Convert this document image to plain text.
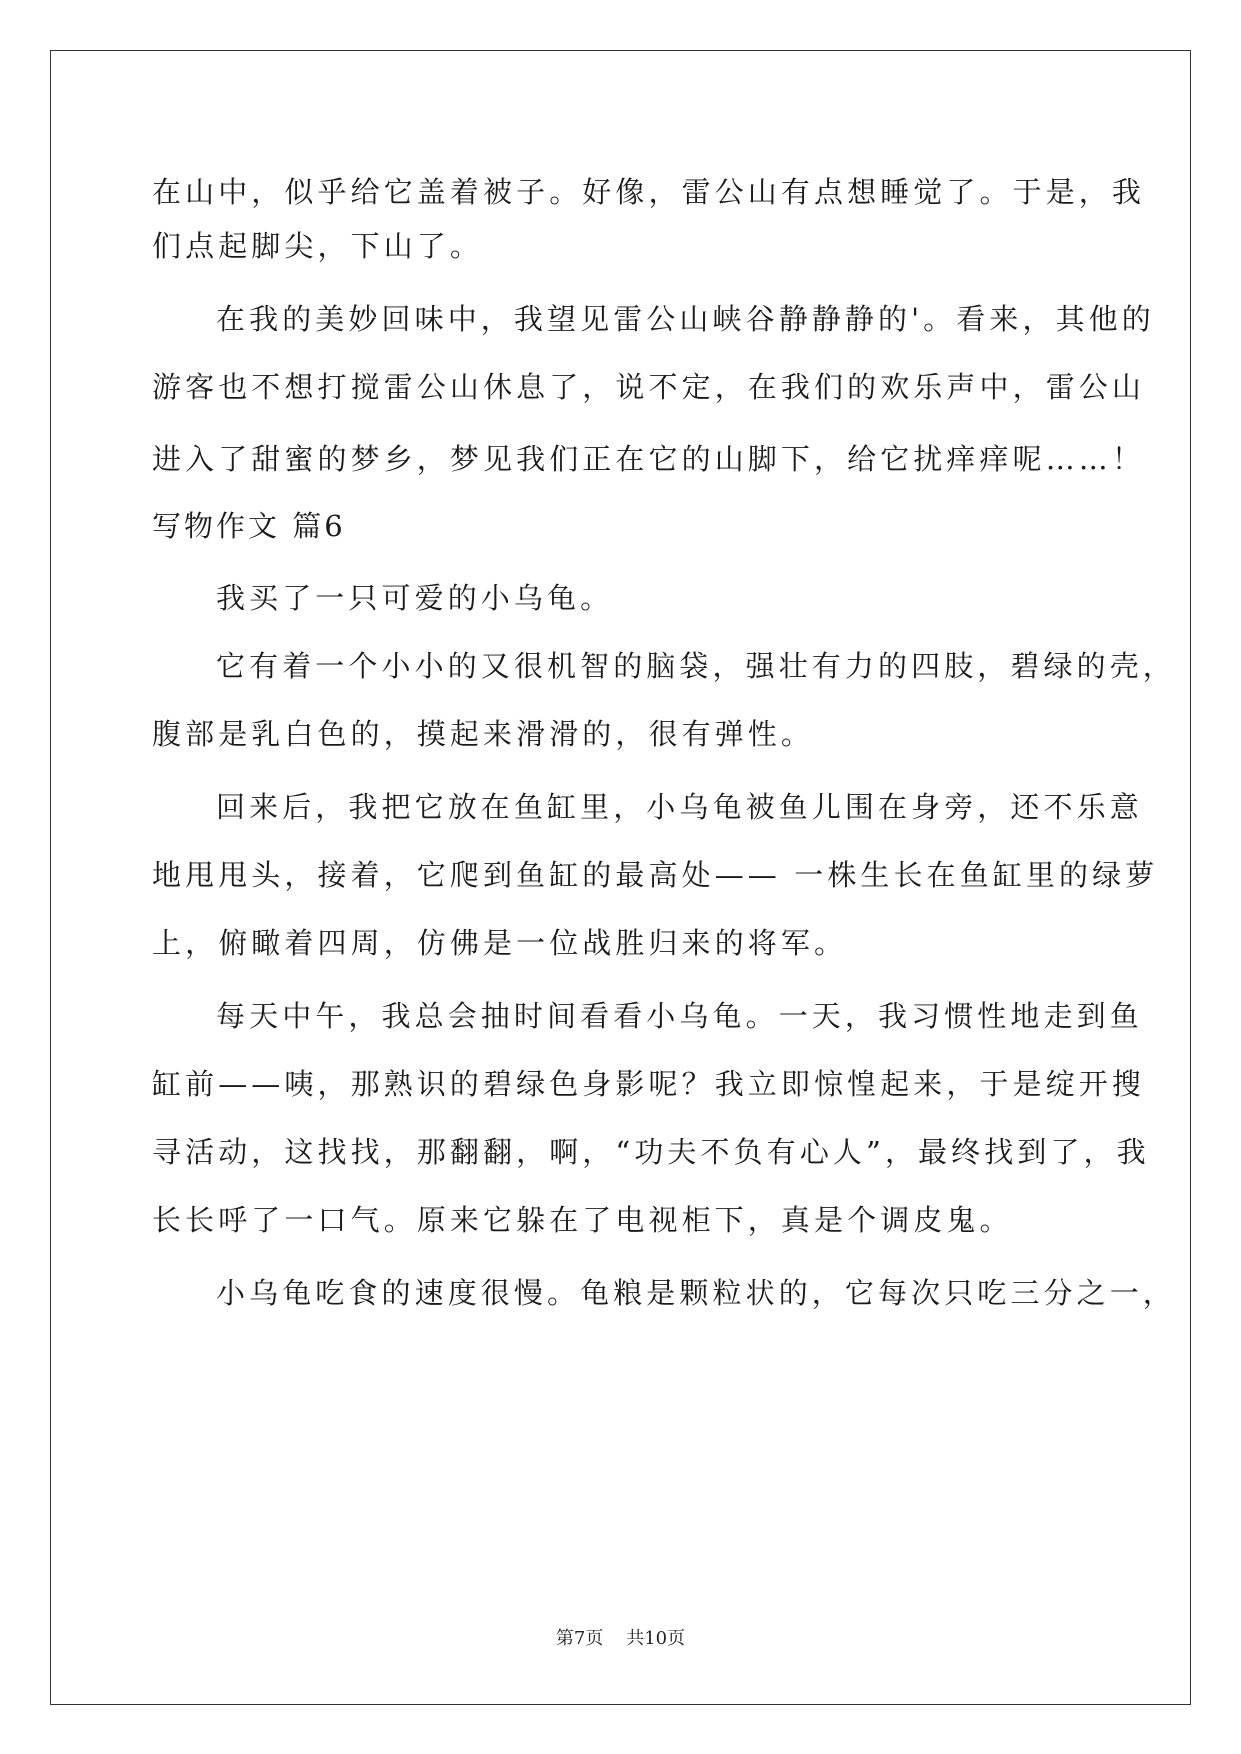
在山中，似乎给它盖着被子。好像，雷公山有点想睡觉了。于是，我
们点起脚尖，下山了。
在我的美妙回味中，我望见雷公山峡谷静静静的'。看来，其他的
游客也不想打搅雷公山休息了，说不定，在我们的欢乐声中，雷公山
进入了甜蜜的梦乡，梦见我们正在它的山脚下，给它扰痒痒呢……！
写物作文 篇6
我买了一只可爱的小乌龟。
它有着一个小小的又很机智的脑袋，强壮有力的四肢，碧绿的壳，
腹部是乳白色的，摸起来滑滑的，很有弹性。
回来后，我把它放在鱼缸里，小乌龟被鱼儿围在身旁，还不乐意
地甩甩头，接着，它爬到鱼缸的最高处—— 一株生长在鱼缸里的绿萝
上，俯瞰着四周，仿佛是一位战胜归来的将军。
每天中午，我总会抽时间看看小乌龟。一天，我习惯性地走到鱼
缸前——咦，那熟识的碧绿色身影呢？我立即惊惶起来，于是绽开搜
寻活动，这找找，那翻翻，啊，“功夫不负有心人”，最终找到了，我
长长呼了一口气。原来它躲在了电视柜下，真是个调皮鬼。
小乌龟吃食的速度很慢。龟粮是颗粒状的，它每次只吃三分之一，
第7页 共10页
